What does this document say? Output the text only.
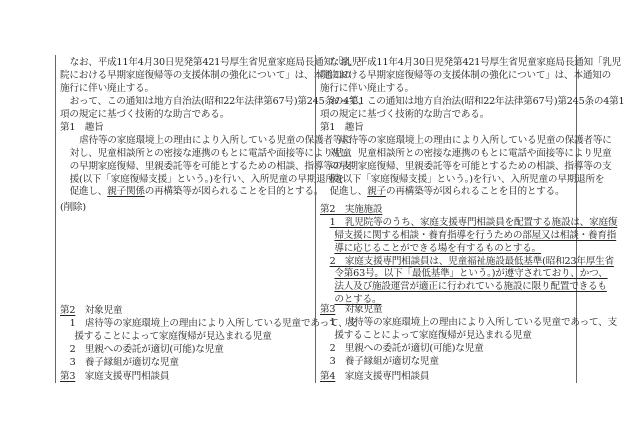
なお、平成11年4月30日児発第421号厚生省児童家庭局長通知「乳児
院における早期家庭復帰等の支援体制の強化について」は、本通知の
施行に伴い廃止する。
おって、この通知は地方自治法(昭和22年法律第67号)第245条の4第1
項の規定に基づく技術的な助言である。
第1　趣旨
虐待等の家庭環境上の理由により入所している児童の保護者等に
対し、児童相談所との密接な連携のもとに電話や面接等により児童
の早期家庭復帰、里親委託等を可能とするための相談、指導等の支
援(以下「家庭復帰支援」という。)を行い、入所児童の早期退所を
促進し、親子関係の再構築等が図られることを目的とする。
(削除)
第2　対象児童
1　虐待等の家庭環境上の理由により入所している児童であって、支
援することによって家庭復帰が見込まれる児童
2　里親への委託が適切(可能)な児童
3　養子縁組が適切な児童
第3　家庭支援専門相談員
なお、平成11年4月30日児発第421号厚生省児童家庭局長通知「乳児
院における早期家庭復帰等の支援体制の強化について」は、本通知の
施行に伴い廃止する。
おって、この通知は地方自治法(昭和22年法律第67号)第245条の4第1
項の規定に基づく技術的な助言である。
第1　趣旨
虐待等の家庭環境上の理由により入所している児童の保護者等に
対し、児童相談所との密接な連携のもとに電話や面接等により児童
の早期家庭復帰、里親委託等を可能とするための相談、指導等の支
援(以下「家庭復帰支援」という。)を行い、入所児童の早期退所を
促進し、親子の再構築等が図られることを目的とする。
第2　実施施設
1　乳児院等のうち、家庭支援専門相談員を配置する施設は、家庭復
帰支援に関する相談・養育指導を行うための部屋又は相談・養育指
導に応じることができる場を有するものとする。
2　家庭支援専門相談員は、児童福祉施設最低基準(昭和23年厚生省
令第63号。以下「最低基準」という。)が遵守されており、かつ、
法人及び施設運営が適正に行われている施設に限り配置できるも
のとする。
第3　対象児童
1　虐待等の家庭環境上の理由により入所している児童であって、支
援することによって家庭復帰が見込まれる児童
2　里親への委託が適切(可能)な児童
3　養子縁組が適切な児童
第4　家庭支援専門相談員
